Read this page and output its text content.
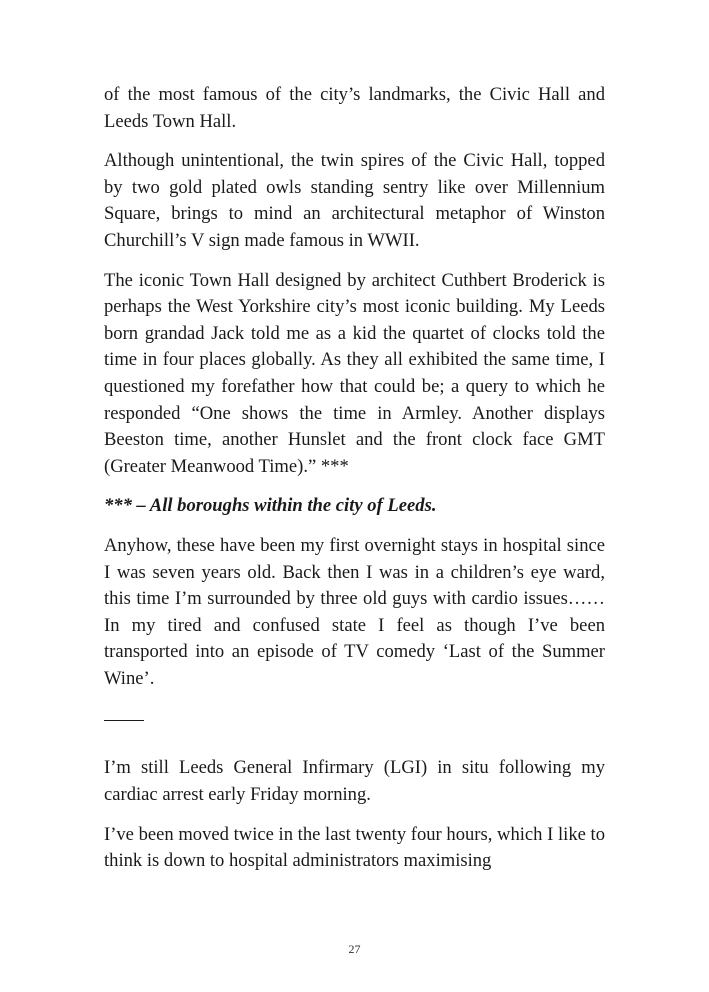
of the most famous of the city’s landmarks, the Civic Hall and Leeds Town Hall.

Although unintentional, the twin spires of the Civic Hall, topped by two gold plated owls standing sentry like over Millennium Square, brings to mind an architectural metaphor of Winston Churchill’s V sign made famous in WWII.

The iconic Town Hall designed by architect Cuthbert Broderick is perhaps the West Yorkshire city’s most iconic building. My Leeds born grandad Jack told me as a kid the quartet of clocks told the time in four places globally. As they all exhibited the same time, I questioned my forefather how that could be; a query to which he responded “One shows the time in Armley. Another displays Beeston time, another Hunslet and the front clock face GMT (Greater Meanwood Time).” ***

*** – All boroughs within the city of Leeds.

Anyhow, these have been my first overnight stays in hospital since I was seven years old. Back then I was in a children’s eye ward, this time I’m surrounded by three old guys with cardio issues…… In my tired and confused state I feel as though I’ve been transported into an episode of TV comedy ‘Last of the Summer Wine’.

I’m still Leeds General Infirmary (LGI) in situ following my cardiac arrest early Friday morning.

I’ve been moved twice in the last twenty four hours, which I like to think is down to hospital administrators maximising

27
